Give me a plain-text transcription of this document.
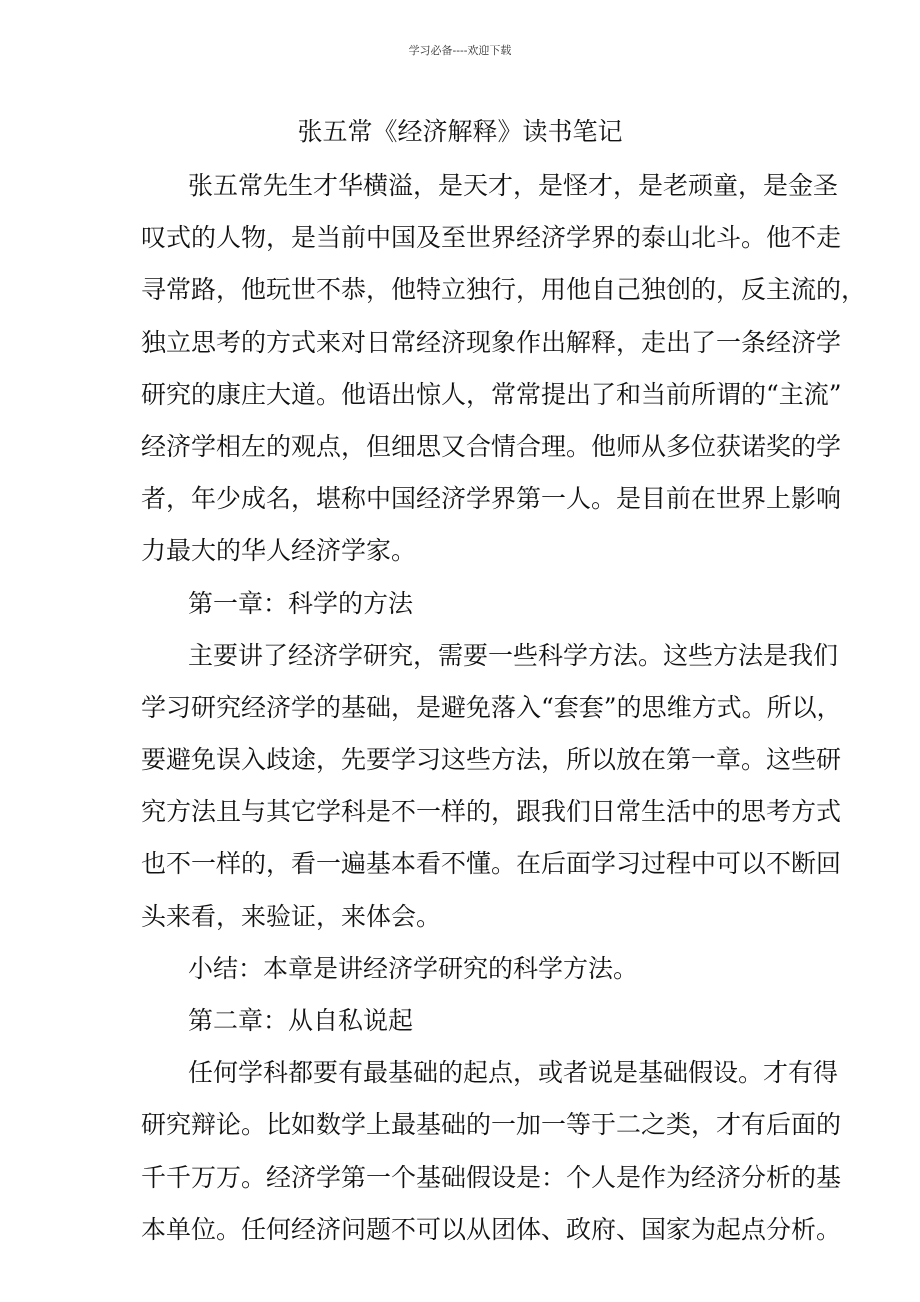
学习必备----欢迎下载
张五常《经济解释》读书笔记
张五常先生才华横溢，是天才，是怪才，是老顽童，是金圣
叹式的人物，是当前中国及至世界经济学界的泰山北斗。他不走
寻常路，他玩世不恭，他特立独行，用他自己独创的，反主流的，
独立思考的方式来对日常经济现象作出解释，走出了一条经济学
研究的康庄大道。他语出惊人，常常提出了和当前所谓的“主流”
经济学相左的观点，但细思又合情合理。他师从多位获诺奖的学
者，年少成名，堪称中国经济学界第一人。是目前在世界上影响
力最大的华人经济学家。
第一章：科学的方法
主要讲了经济学研究，需要一些科学方法。这些方法是我们
学习研究经济学的基础，是避免落入“套套”的思维方式。所以，
要避免误入歧途，先要学习这些方法，所以放在第一章。这些研
究方法且与其它学科是不一样的，跟我们日常生活中的思考方式
也不一样的，看一遍基本看不懂。在后面学习过程中可以不断回
头来看，来验证，来体会。
小结：本章是讲经济学研究的科学方法。
第二章：从自私说起
任何学科都要有最基础的起点，或者说是基础假设。才有得
研究辩论。比如数学上最基础的一加一等于二之类，才有后面的
千千万万。经济学第一个基础假设是：个人是作为经济分析的基
本单位。任何经济问题不可以从团体、政府、国家为起点分析。
